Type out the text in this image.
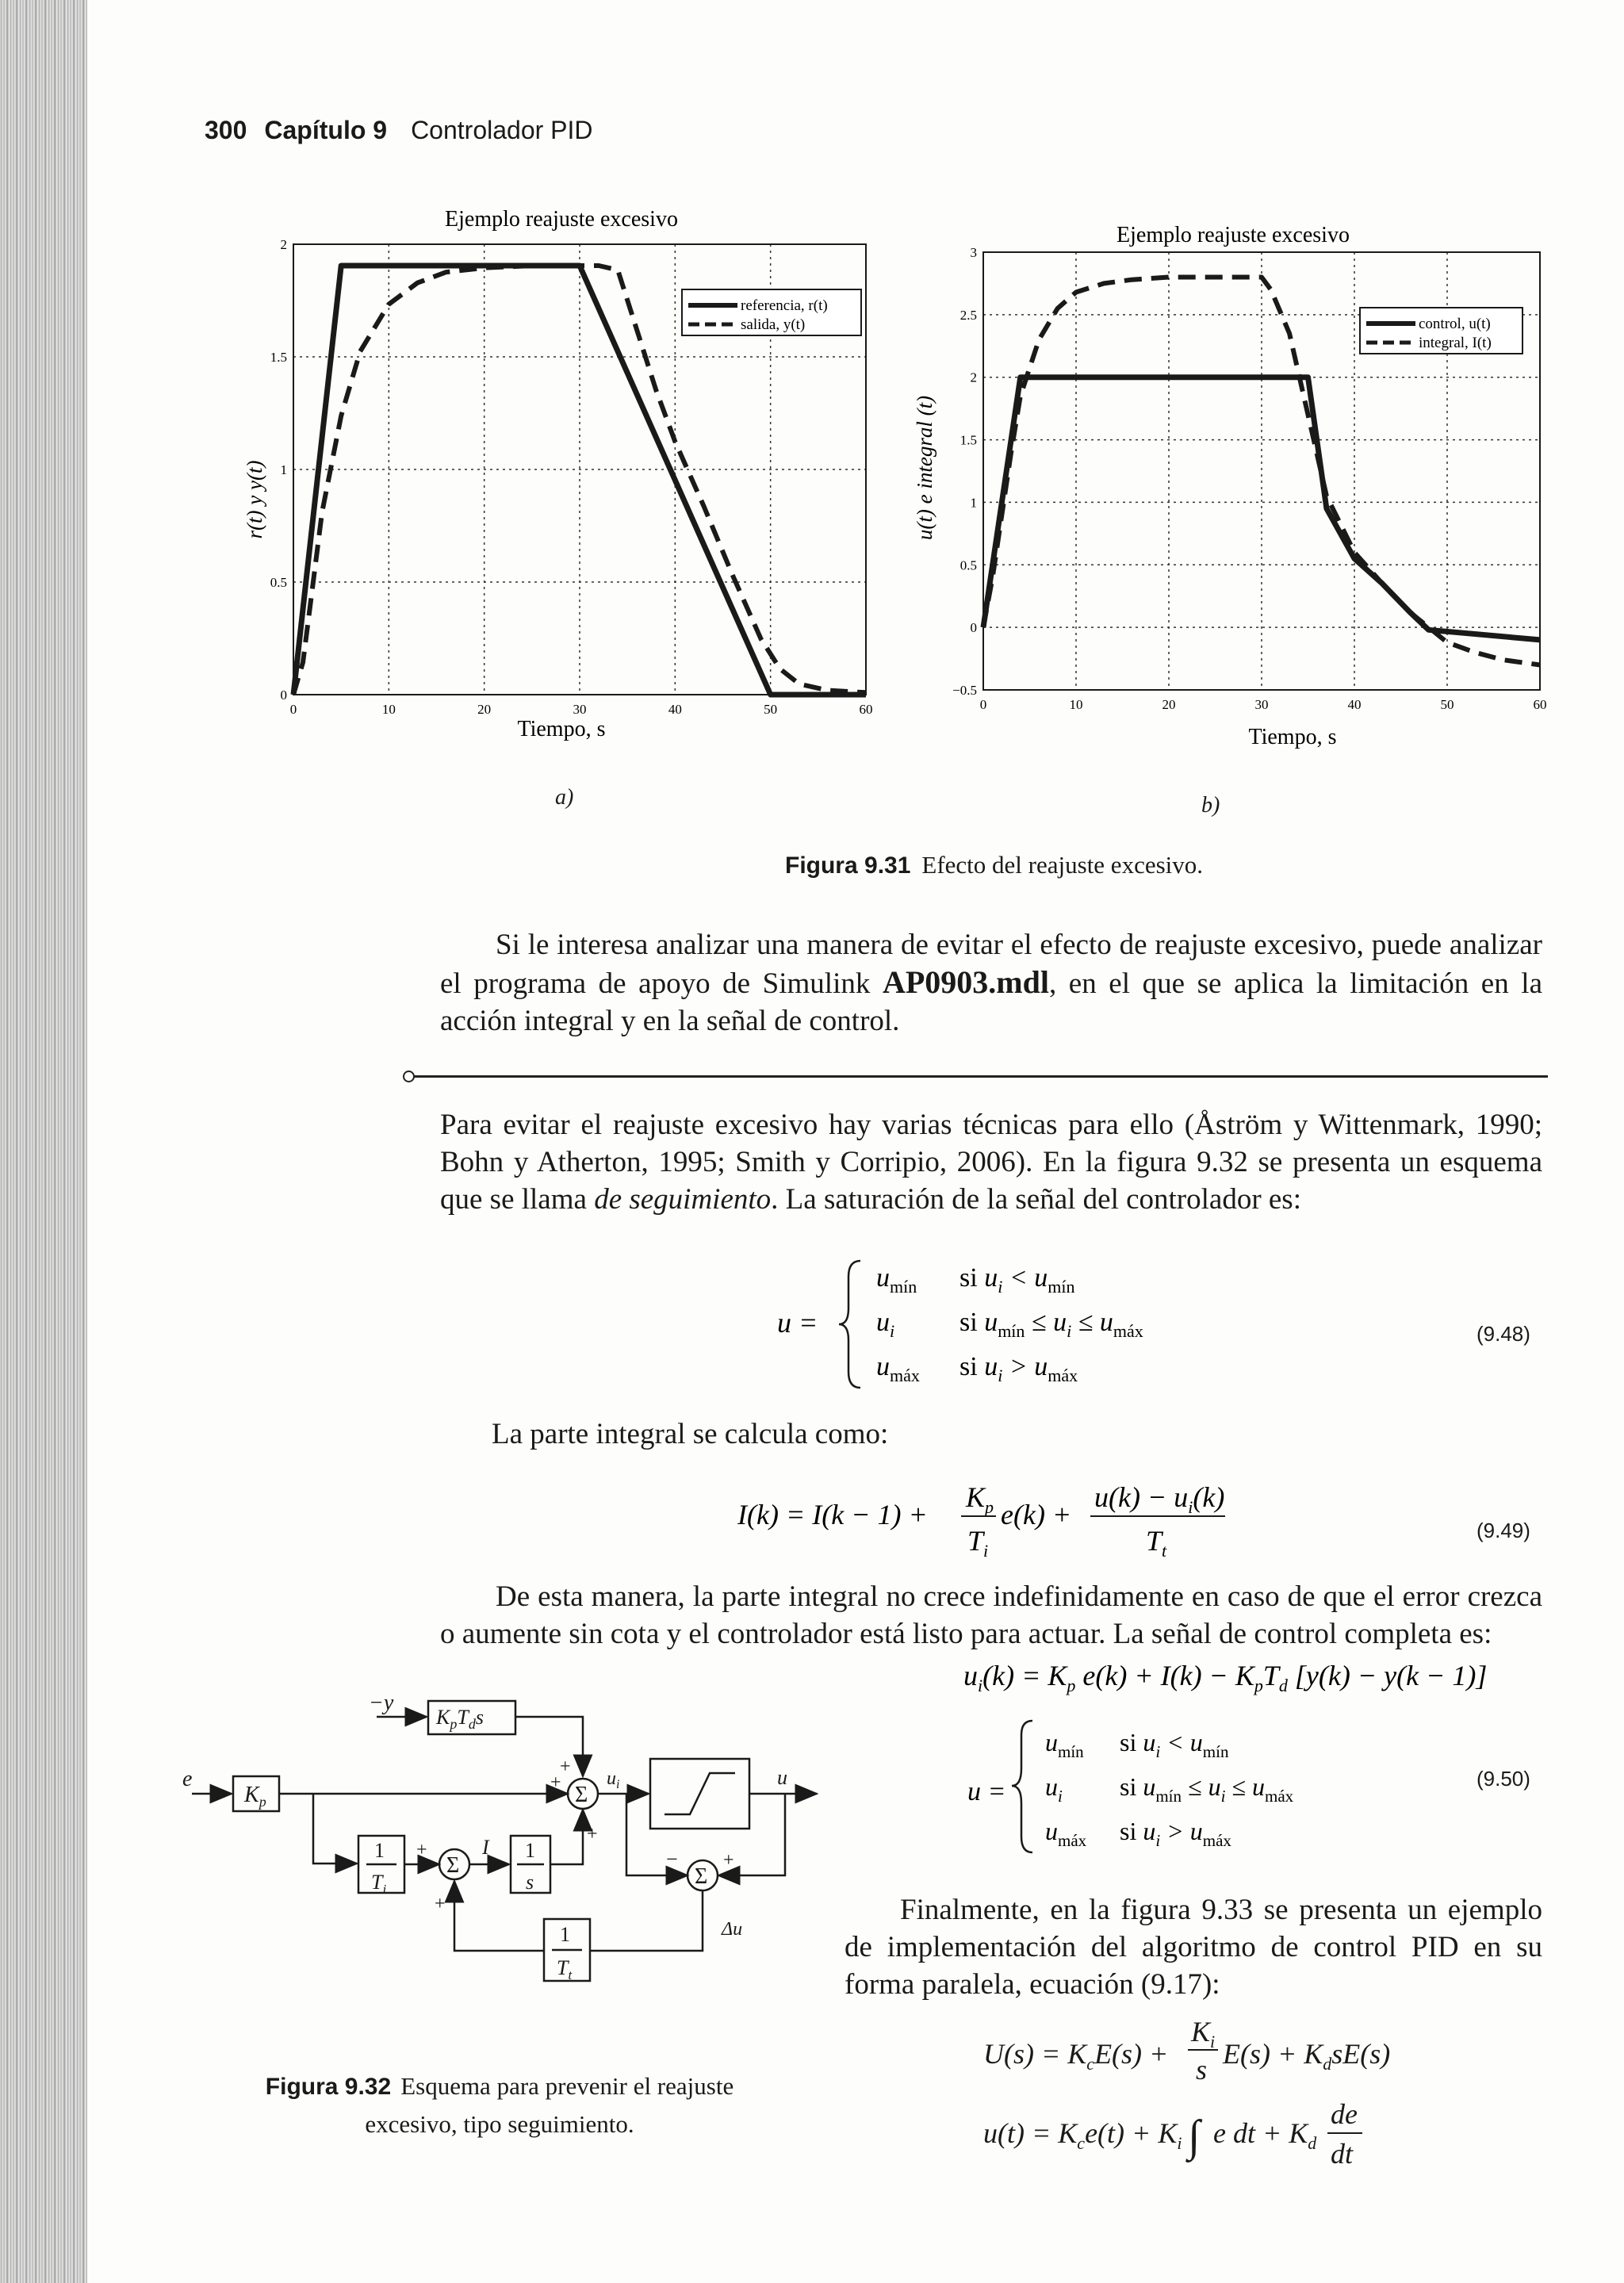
300 Capítulo 9 Controlador PID
Ejemplo reajuste excesivo
Tiempo, s
r(t) y y(t)
0	10	20	30	40	50	60
0
0.5
1
1.5
2
referencia, r(t)
salida, y(t)
a)
Ejemplo reajuste excesivo
Tiempo, s
u(t) e integral (t)
0	10	20	30	40	50	60
−0.5
0
0.5
1
1.5
2
2.5
3
control, u(t)
integral, I(t)
b)
Figura 9.31 Efecto del reajuste excesivo.
Si le interesa analizar una manera de evitar el efecto de reajuste excesivo, puede analizar el programa de apoyo de Simulink AP0903.mdl, en el que se aplica la limitación en la acción integral y en la señal de control.
Para evitar el reajuste excesivo hay varias técnicas para ello (Åström y Wittenmark, 1990; Bohn y Atherton, 1995; Smith y Corripio, 2006). En la figura 9.32 se presenta un esquema que se llama de seguimiento. La saturación de la señal del controlador es:
u =
$u_{mín}$ si $u_i < u_{mín}$
$u_i$ si $u_{mín} \le u_i \le u_{máx}$
$u_{máx}$ si $u_i > u_{máx}$
(9.48)
La parte integral se calcula como:
I(k) = I(k − 1) +
$K_p$
$T_i$
e(k) +
$u(k) - u_i(k)$
$T_t$
(9.49)
De esta manera, la parte integral no crece indefinidamente en caso de que el error crezca o aumente sin cota y el controlador está listo para actuar. La señal de control completa es:
$u_i(k) = K_p$ $e(k) + I(k) - K_pT_d$ [y(k) − y(k − 1)]
u =
$u_{mín}$ si $u_i < u_{mín}$
$u_i$ si $u_{mín} \le u_i \le u_{máx}$
$u_{máx}$ si $u_i > u_{máx}$
(9.50)
−y
$K_pT_ds$
e
$K_p$	Σ
Σ	Σ
1
$T_i$
1
s
1
$T_t$
I
$u_i$	u
Δu
+
+
+
+
+
− +
Figura 9.32 Esquema para prevenir el reajuste
excesivo, tipo seguimiento.
Finalmente, en la figura 9.33 se presenta un ejemplo de implementación del algoritmo de control PID en su forma paralela, ecuación (9.17):
$U(s) = K_cE(s)$ +
$K_i$
s $E(s) + K_dsE(s)$
$u(t) = K_ce(t) + K_i$ ∫ e dt + $K_d$
de
dt
